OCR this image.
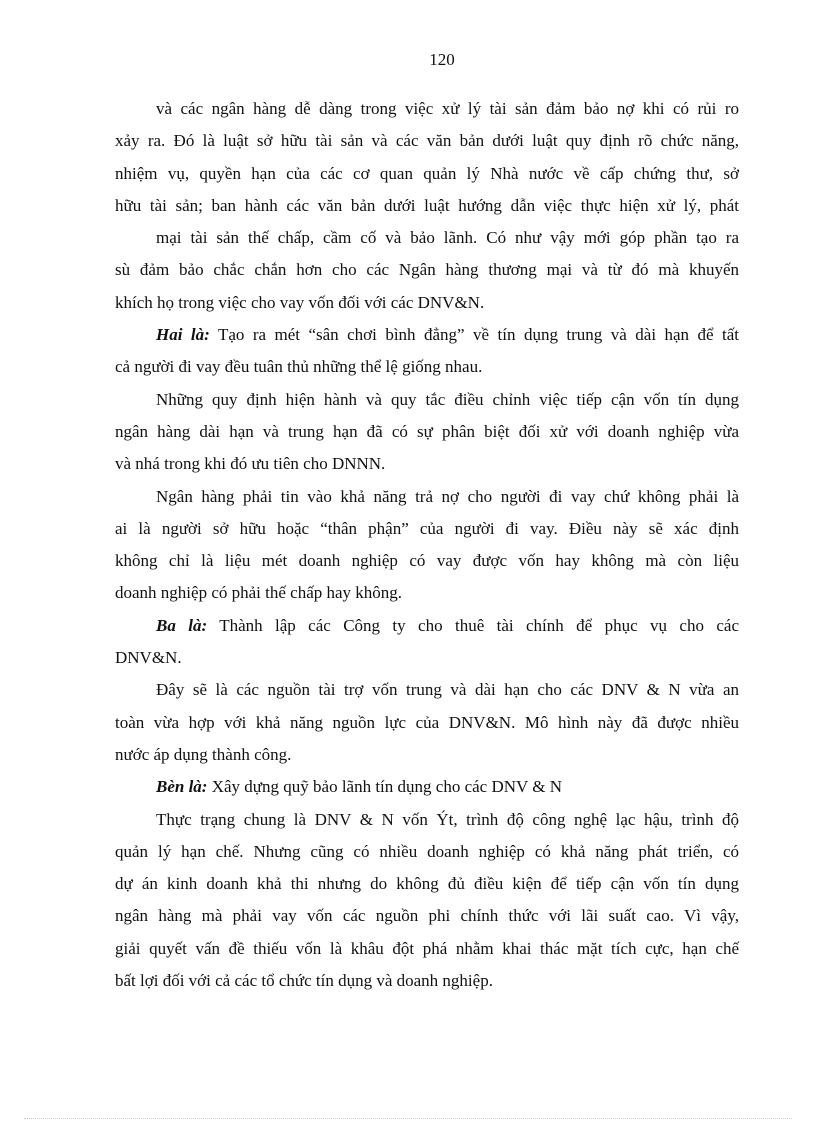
120
và các ngân hàng dễ dàng trong việc xử lý tài sản đảm bảo nợ khi có rủi ro
xảy ra. Đó là luật sở hữu tài sản và các văn bản dưới luật quy định rõ chức năng,
nhiệm vụ, quyền hạn của các cơ quan quản lý Nhà nước về cấp chứng thư, sở
hữu tài sản; ban hành các văn bản dưới luật hướng dẫn việc thực hiện xử lý, phát
mại tài sản thế chấp, cầm cố và bảo lãnh. Có như vậy mới góp phần tạo ra
sù đảm bảo chắc chắn hơn cho các Ngân hàng thương mại và từ đó mà khuyến
khích họ trong việc cho vay vốn đối với các DNV&N.
Hai là: Tạo ra mét “sân chơi bình đẳng” về tín dụng trung và dài hạn để tất
cả người đi vay đều tuân thủ những thể lệ giống nhau.
Những quy định hiện hành và quy tắc điều chỉnh việc tiếp cận vốn tín dụng
ngân hàng dài hạn và trung hạn đã có sự phân biệt đối xử với doanh nghiệp vừa
và nhá trong khi đó ưu tiên cho DNNN.
Ngân hàng phải tin vào khả năng trả nợ cho người đi vay chứ không phải là
ai là người sở hữu hoặc “thân phận” của người đi vay. Điều này sẽ xác định
không chỉ là liệu mét doanh nghiệp có vay được vốn hay không mà còn liệu
doanh nghiệp có phải thế chấp hay không.
Ba là: Thành lập các Công ty cho thuê tài chính để phục vụ cho các
DNV&N.
Đây sẽ là các nguồn tài trợ vốn trung và dài hạn cho các DNV & N vừa an
toàn vừa hợp với khả năng nguồn lực của DNV&N. Mô hình này đã được nhiều
nước áp dụng thành công.
Bèn là: Xây dựng quỹ bảo lãnh tín dụng cho các DNV & N
Thực trạng chung là DNV & N vốn Ýt, trình độ công nghệ lạc hậu, trình độ
quản lý hạn chế. Nhưng cũng có nhiều doanh nghiệp có khả năng phát triển, có
dự án kinh doanh khả thi nhưng do không đủ điều kiện để tiếp cận vốn tín dụng
ngân hàng mà phải vay vốn các nguồn phi chính thức với lãi suất cao. Vì vậy,
giải quyết vấn đề thiếu vốn là khâu đột phá nhằm khai thác mặt tích cực, hạn chế
bất lợi đối với cả các tổ chức tín dụng và doanh nghiệp.
